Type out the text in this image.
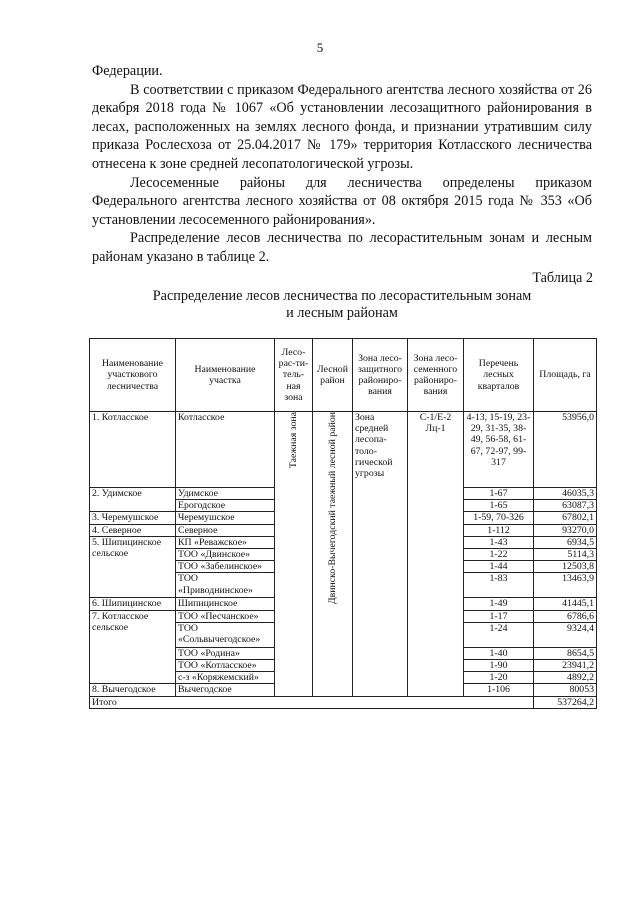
5

Федерации.

В соответствии с приказом Федерального агентства лесного хозяйства от 26 декабря 2018 года № 1067 «Об установлении лесозащитного районирования в лесах, расположенных на землях лесного фонда, и признании утратившим силу приказа Рослесхоза от 25.04.2017 № 179» территория Котласского лесничества отнесена к зоне средней лесопатологической угрозы.

Лесосеменные районы для лесничества определены приказом Федерального агентства лесного хозяйства от 08 октября 2015 года № 353 «Об установлении лесосеменного районирования».

Распределение лесов лесничества по лесорастительным зонам и лесным районам указано в таблице 2.

Таблица 2
Распределение лесов лесничества по лесорастительным зонам
и лесным районам
Наименование участкового лесничества	Наименование участка	Лесо-рас-ти-тель-ная зона	Лесной район	Зона лесо-защитного райониро-вания	Зона лесо-семенного райониро-вания	Перечень лесных кварталов	Площадь, га
1. Котласское	Котласское	Таежная зона	Двинско-Вычегодский таежный лесной район	Зона средней лесопа-толо-гической угрозы	С-1/Е-2 Лц-1	4-13, 15-19, 23- 29, 31-35, 38-49, 56-58, 61-67, 72-97, 99-317	53956,0
2. Удимское	Удимское					1-67	46035,3
	Ерогодское					1-65	63087,3
3. Черемушское	Черемушское					1-59, 70-326	67802,1
4. Северное	Северное					1-112	93270,0
5. Шипицинское сельское	КП «Реважское»					1-43	6934,5
	ТОО «Двинское»					1-22	5114,3
	ТОО «Забелинское»					1-44	12503,8
	ТОО «Приводнинское»					1-83	13463,9
6. Шипицинское	Шипицинское					1-49	41445,1
7. Котласское сельское	ТОО «Песчанское»					1-17	6786,6
	ТОО «Сольвычегодское»					1-24	9324,4
	ТОО «Родина»					1-40	8654,5
	ТОО «Котласское»					1-90	23941,2
	с-з «Коряжемский»					1-20	4892,2
8. Вычегодское	Вычегодское					1-106	80053
Итого							537264,2
